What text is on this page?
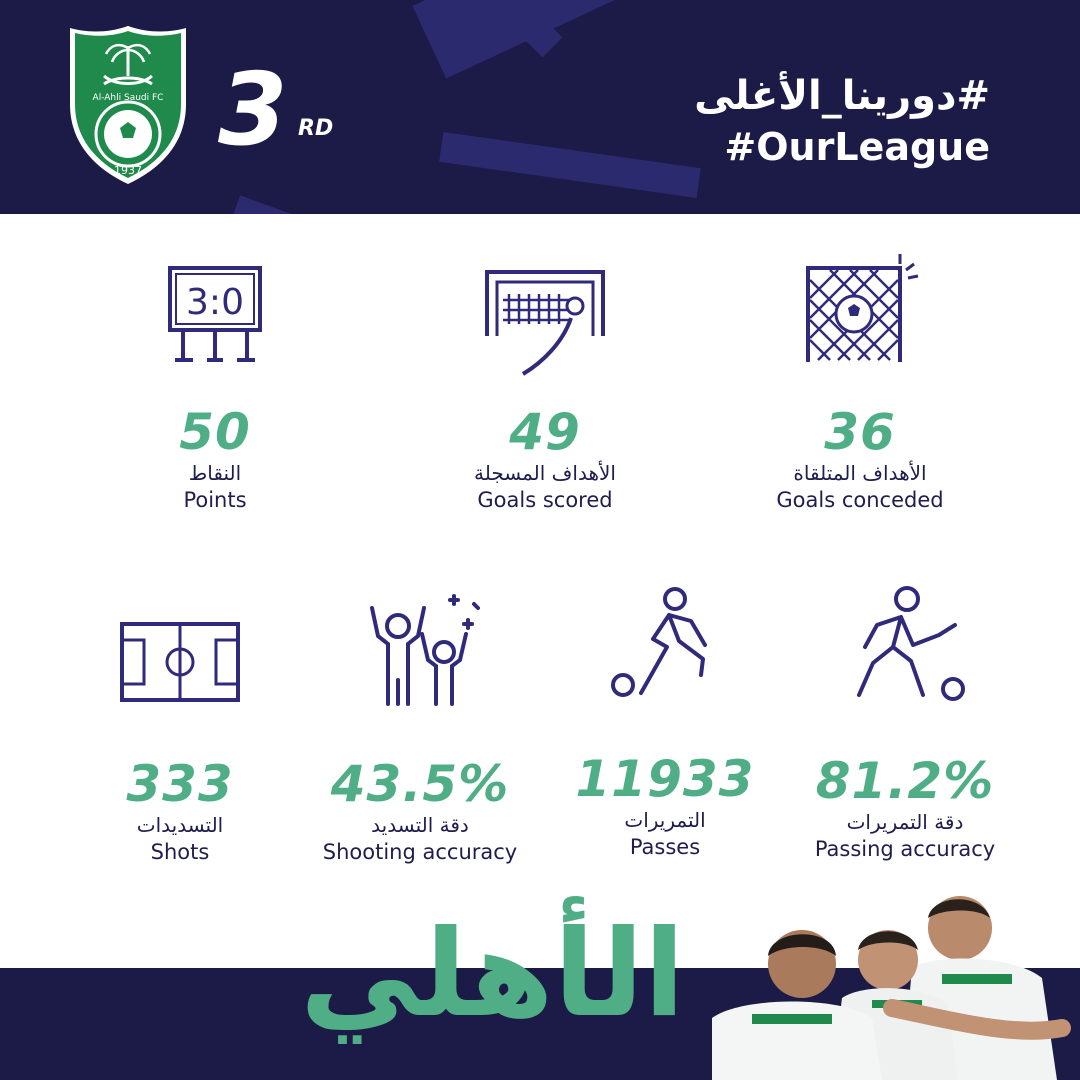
1937
Al-Ahli Saudi FC 3 RD
#دورينا_الأغلى
#OurLeague
3:0
50
النقاط
Points
49
الأهداف المسجلة
Goals scored
36
الأهداف المتلقاة
Goals conceded
333
التسديدات
Shots
43.5%
دقة التسديد
Shooting accuracy
11933
التمريرات
Passes
81.2%
دقة التمريرات
Passing accuracy
الأهلي
